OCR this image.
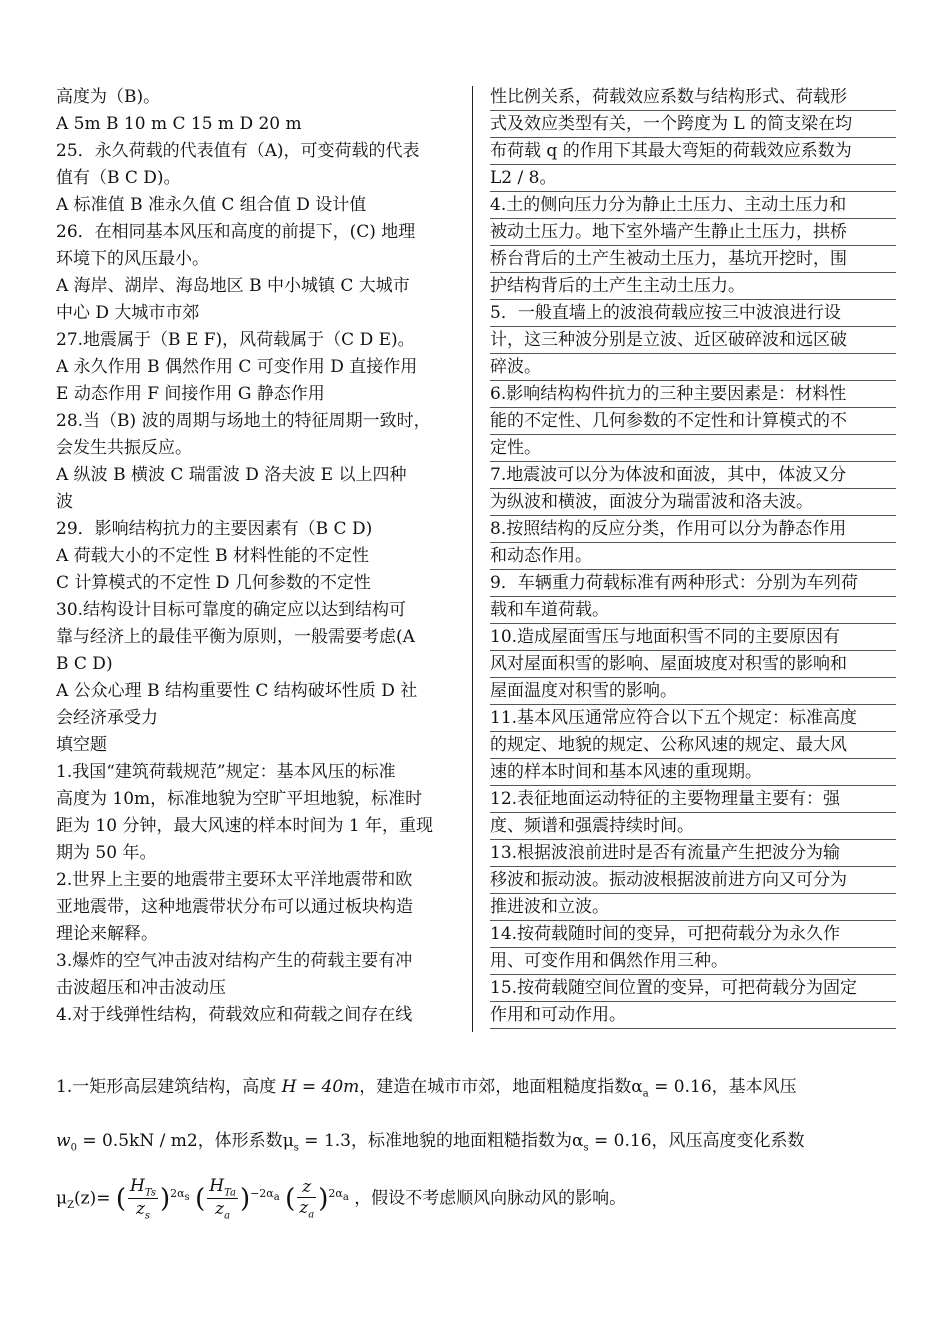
高度为（B)。
A 5m B 10 m C 15 m D 20 m
25．永久荷载的代表值有（A)，可变荷载的代表
值有（B C D)。
A 标准值 B 准永久值 C 组合值 D 设计值
26．在相同基本风压和高度的前提下，(C) 地理
环境下的风压最小。
A 海岸、湖岸、海岛地区 B 中小城镇 C 大城市
中心 D 大城市市郊
27.地震属于（B E F)，风荷载属于（C D E)。
A 永久作用 B 偶然作用 C 可变作用 D 直接作用
E 动态作用 F 间接作用 G 静态作用
28.当（B) 波的周期与场地土的特征周期一致时，
会发生共振反应。
A 纵波 B 横波 C 瑞雷波 D 洛夫波 E 以上四种
波
29．影响结构抗力的主要因素有（B C D)
A 荷载大小的不定性 B 材料性能的不定性
C 计算模式的不定性 D 几何参数的不定性
30.结构设计目标可靠度的确定应以达到结构可
靠与经济上的最佳平衡为原则，一般需要考虑(A
B C D)
A 公众心理 B 结构重要性 C 结构破坏性质 D 社
会经济承受力
填空题
1.我国“建筑荷载规范”规定：基本风压的标准
高度为 10m，标准地貌为空旷平坦地貌，标准时
距为 10 分钟，最大风速的样本时间为 1 年，重现
期为 50 年。
2.世界上主要的地震带主要环太平洋地震带和欧
亚地震带，这种地震带状分布可以通过板块构造
理论来解释。
3.爆炸的空气冲击波对结构产生的荷载主要有冲
击波超压和冲击波动压
4.对于线弹性结构，荷载效应和荷载之间存在线
性比例关系，荷载效应系数与结构形式、荷载形
式及效应类型有关，一个跨度为 L 的简支梁在均
布荷载 q 的作用下其最大弯矩的荷载效应系数为
L2 / 8。
4.土的侧向压力分为静止土压力、主动土压力和
被动土压力。地下室外墙产生静止土压力，拱桥
桥台背后的土产生被动土压力，基坑开挖时，围
护结构背后的土产生主动土压力。
5．一般直墙上的波浪荷载应按三中波浪进行设
计，这三种波分别是立波、近区破碎波和远区破
碎波。
6.影响结构构件抗力的三种主要因素是：材料性
能的不定性、几何参数的不定性和计算模式的不
定性。
7.地震波可以分为体波和面波，其中，体波又分
为纵波和横波，面波分为瑞雷波和洛夫波。
8.按照结构的反应分类，作用可以分为静态作用
和动态作用。
9．车辆重力荷载标准有两种形式：分别为车列荷
载和车道荷载。
10.造成屋面雪压与地面积雪不同的主要原因有
风对屋面积雪的影响、屋面坡度对积雪的影响和
屋面温度对积雪的影响。
11.基本风压通常应符合以下五个规定：标准高度
的规定、地貌的规定、公称风速的规定、最大风
速的样本时间和基本风速的重现期。
12.表征地面运动特征的主要物理量主要有：强
度、频谱和强震持续时间。
13.根据波浪前进时是否有流量产生把波分为输
移波和振动波。振动波根据波前进方向又可分为
推进波和立波。
14.按荷载随时间的变异，可把荷载分为永久作
用、可变作用和偶然作用三种。
15.按荷载随空间位置的变异，可把荷载分为固定
作用和可动作用。
1.一矩形高层建筑结构，高度 H = 40m，建造在城市市郊，地面粗糙度指数$\alpha_a = 0.16$，基本风压
$w_0 = 0.5kN / m2$，体形系数$\mu_s = 1.3$，标准地貌的地面粗糙指数为$\alpha_s = 0.16$，风压高度变化系数
$\mu_Z(z)=$ ( $\frac{H_{Ts}}{z_s} )^{2\alpha_s}$ ( $\frac{H_{Ta}}{z_a} )^{-2\alpha_a}$ ( $\frac{z}{z_a} )^{2\alpha_a}$ ，假设不考虑顺风向脉动风的影响。
